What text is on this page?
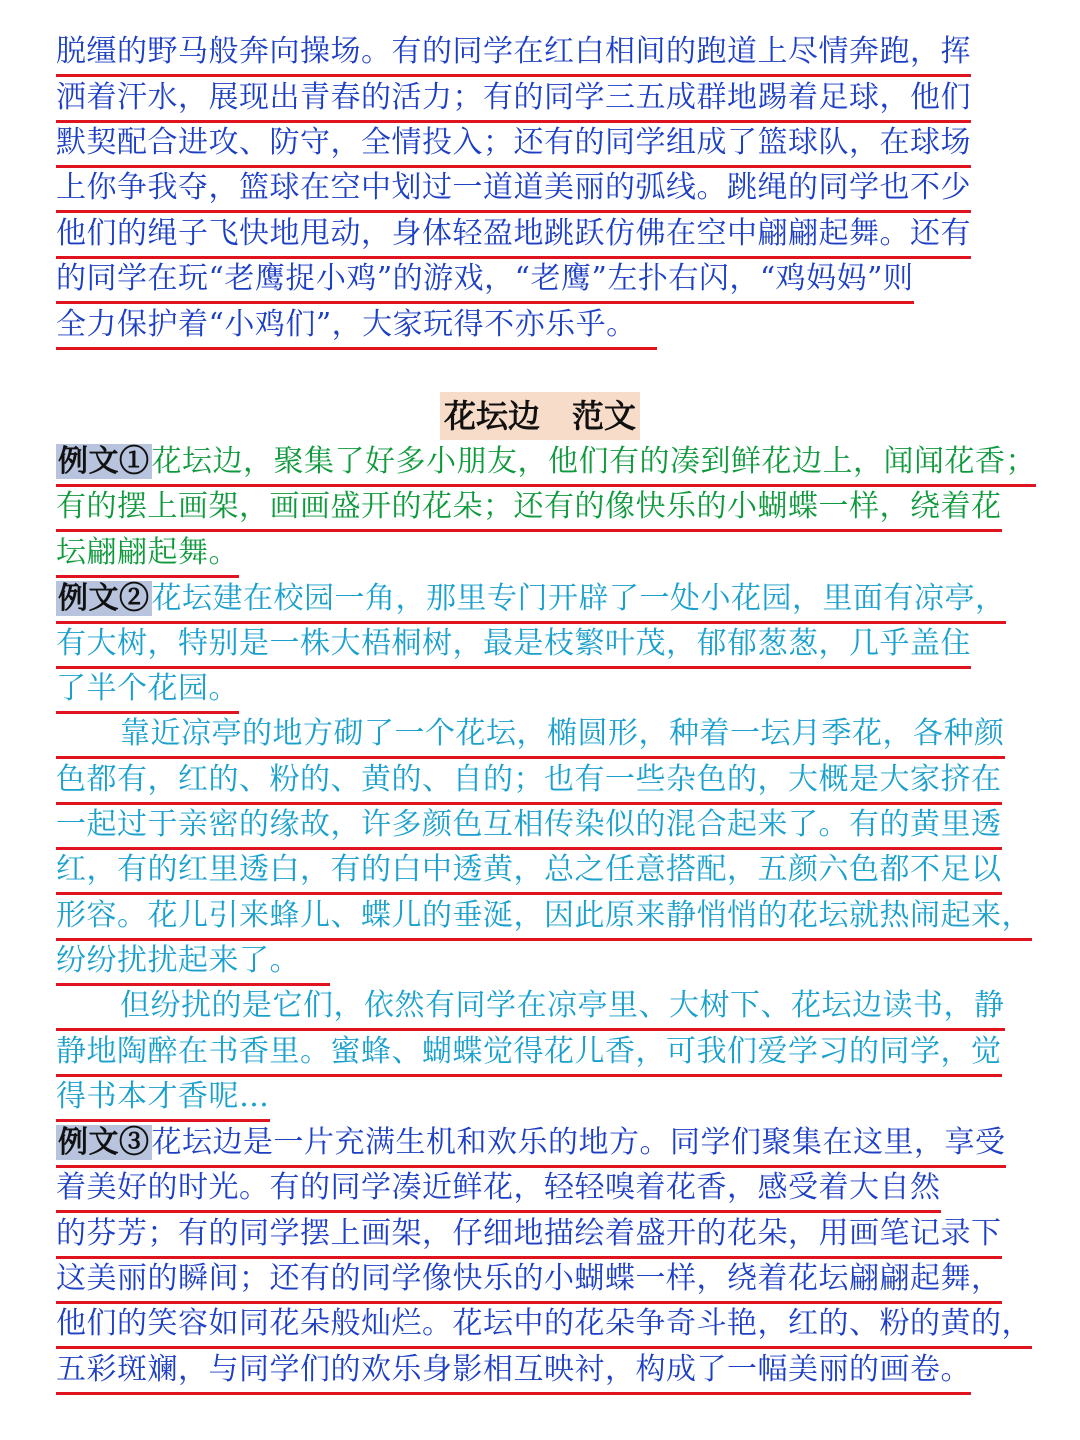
脱缰的野马般奔向操场。有的同学在红白相间的跑道上尽情奔跑，挥
洒着汗水，展现出青春的活力；有的同学三五成群地踢着足球，他们
默契配合进攻、防守，全情投入；还有的同学组成了篮球队，在球场
上你争我夺，篮球在空中划过一道道美丽的弧线。跳绳的同学也不少
他们的绳子飞快地甩动，身体轻盈地跳跃仿佛在空中翩翩起舞。还有
的同学在玩“老鹰捉小鸡”的游戏，“老鹰”左扑右闪，“鸡妈妈”则
全力保护着“小鸡们”，大家玩得不亦乐乎。
花坛边　范文
例文①花坛边，聚集了好多小朋友，他们有的凑到鲜花边上，闻闻花香；
有的摆上画架，画画盛开的花朵；还有的像快乐的小蝴蝶一样，绕着花
坛翩翩起舞。
例文②花坛建在校园一角，那里专门开辟了一处小花园，里面有凉亭，
有大树，特别是一株大梧桐树，最是枝繁叶茂，郁郁葱葱，几乎盖住
了半个花园。
靠近凉亭的地方砌了一个花坛，椭圆形，种着一坛月季花，各种颜
色都有，红的、粉的、黄的、自的；也有一些杂色的，大概是大家挤在
一起过于亲密的缘故，许多颜色互相传染似的混合起来了。有的黄里透
红，有的红里透白，有的白中透黄，总之任意搭配，五颜六色都不足以
形容。花儿引来蜂儿、蝶儿的垂涎，因此原来静悄悄的花坛就热闹起来，
纷纷扰扰起来了。
但纷扰的是它们，依然有同学在凉亭里、大树下、花坛边读书，静
静地陶醉在书香里。蜜蜂、蝴蝶觉得花儿香，可我们爱学习的同学，觉
得书本才香呢…
例文③花坛边是一片充满生机和欢乐的地方。同学们聚集在这里，享受
着美好的时光。有的同学凑近鲜花，轻轻嗅着花香，感受着大自然
的芬芳；有的同学摆上画架，仔细地描绘着盛开的花朵，用画笔记录下
这美丽的瞬间；还有的同学像快乐的小蝴蝶一样，绕着花坛翩翩起舞，
他们的笑容如同花朵般灿烂。花坛中的花朵争奇斗艳，红的、粉的黄的，
五彩斑斓，与同学们的欢乐身影相互映衬，构成了一幅美丽的画卷。
